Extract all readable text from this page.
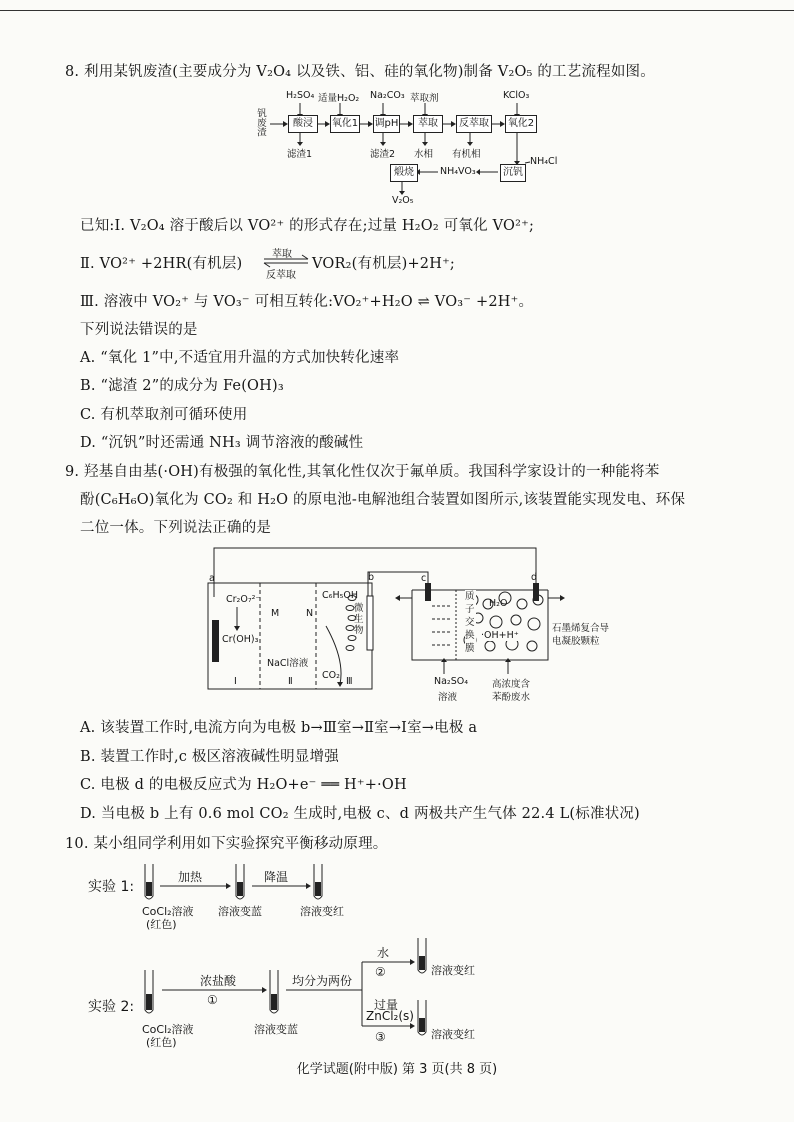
8. 利用某钒废渣(主要成分为 V₂O₄ 以及铁、铝、硅的氧化物)制备 V₂O₅ 的工艺流程如图。
钒废渣
H₂SO₄ 适量H₂O₂ Na₂CO₃ 萃取剂	KClO₃
NH₄Cl
酸浸	氧化1 调pH	萃取	反萃取	氧化2
沉钒
煅烧
滤渣1	滤渣2 水相 有机相
NH₄VO₃
V₂O₅
已知:Ⅰ. V₂O₄ 溶于酸后以 VO²⁺ 的形式存在;过量 H₂O₂ 可氧化 VO²⁺;
Ⅱ. VO²⁺ +2HR(有机层)
萃取
反萃取
VOR₂(有机层)+2H⁺;
Ⅲ. 溶液中 VO₂⁺ 与 VO₃⁻ 可相互转化:VO₂⁺+H₂O ⇌ VO₃⁻ +2H⁺。
下列说法错误的是
A. “氧化 1”中,不适宜用升温的方式加快转化速率
B. “滤渣 2”的成分为 Fe(OH)₃
C. 有机萃取剂可循环使用
D. “沉钒”时还需通 NH₃ 调节溶液的酸碱性
9. 羟基自由基(·OH)有极强的氧化性,其氧化性仅次于氟单质。我国科学家设计的一种能将苯
酚(C₆H₆O)氧化为 CO₂ 和 H₂O 的原电池-电解池组合装置如图所示,该装置能实现发电、环保
二位一体。下列说法正确的是
a	b	c	d
Cr₂O₇²⁻
Cr(OH)₃
M	N
C₆H₅OH
NaCl溶液
微生物
CO₂
Ⅰ	Ⅱ	Ⅲ
质子交换膜
H₂O
·OH+H⁺
石墨烯复合导
电凝胶颗粒
Na₂SO₄
溶液
高浓度含
苯酚废水
A. 该装置工作时,电流方向为电极 b→Ⅲ室→Ⅱ室→Ⅰ室→电极 a
B. 装置工作时,c 极区溶液碱性明显增强
C. 电极 d 的电极反应式为 H₂O+e⁻ ══ H⁺+·OH
D. 当电极 b 上有 0.6 mol CO₂ 生成时,电极 c、d 两极共产生气体 22.4 L(标准状况)
10. 某小组同学利用如下实验探究平衡移动原理。
实验 1:
加热	降温
CoCl₂溶液
(红色)
溶液变蓝	溶液变红
实验 2:
浓盐酸
①
均分为两份
水
②	溶液变红
过量
ZnCl₂(s)
③	溶液变红
CoCl₂溶液
(红色)
溶液变蓝
化学试题(附中版) 第 3 页(共 8 页)
